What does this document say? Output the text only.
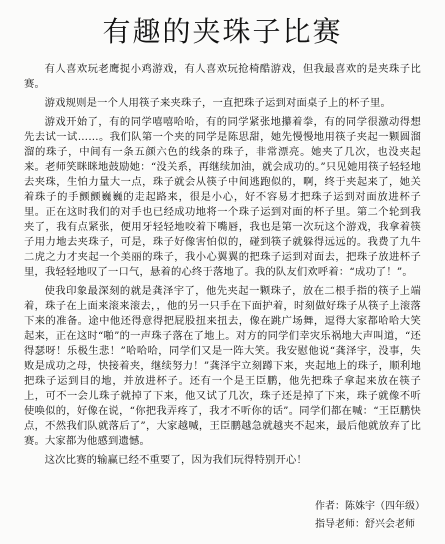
有趣的夹珠子比赛

有人喜欢玩老鹰捉小鸡游戏，有人喜欢玩抢椅酷游戏，但我最喜欢的是夹珠子比赛。

游戏规则是一个人用筷子来夹珠子，一直把珠子运到对面桌子上的杯子里。

游戏开始了，有的同学嘻嘻哈哈，有的同学紧张地攥着拳，有的同学很激动得想先去试一试……。我们队第一个夹的同学是陈思甜，她先慢慢地用筷子夹起一颗圆溜溜的珠子，中间有一条五颜六色的线条的珠子，非常漂亮。她夹了几次，也没夹起来。老师笑眯眯地鼓励她：“没关系，再继续加油，就会成功的。”只见她用筷子轻轻地去夹珠，生怕力量大一点，珠子就会从筷子中间逃跑似的，啊，终于夹起来了，她关着珠子的手颤颤巍巍的走起路来，很是小心，好不容易才把珠子运到对面放进杯子里。正在这时我们的对手也已经成功地将一个珠子运到对面的杯子里。第二个轮到我夹了，我有点紧张，便用牙轻轻地咬着下嘴唇，我也是第一次玩这个游戏，我拿着筷子用力地去夹珠子，可是，珠子好像害怕似的，碰到筷子就躲得远远的。我费了九牛二虎之力才夹起一个美丽的珠子，我小心翼翼的把珠子运到对面去，把珠子放进杯子里，我轻轻地叹了一口气，悬着的心终于落地了。我的队友们欢呼着：“成功了！”。

使我印象最深刻的就是龚泽宇了，他先夹起一颗珠子，放在二根手指的筷子上端着，珠子在上面来滚来滚去，，他的另一只手在下面护着，时刻做好珠子从筷子上滚落下来的准备。途中他还得意得把屁股扭来扭去，像在跳广场舞，逗得大家都哈哈大笑起来，正在这时“啪”的一声珠子落在了地上。对方的同学们幸灾乐祸地大声叫道，“还得瑟呀！乐极生悲！”哈哈哈，同学们又是一阵大笑。我安慰他说“龚泽宇，没事，失败是成功之母，快接着夹，继续努力！”龚泽宇立刻蹲下来，夹起地上的珠子，顺利地把珠子运到目的地，并放进杯子。还有一个是王臣鹏，他先把珠子拿起来放在筷子上，可不一会儿珠子就掉了下来，他又试了几次，珠子还是掉了下来，珠子就像不听使唤似的，好像在说，“你把我弄疼了，我才不听你的话”。同学们都在喊：“王臣鹏快点，不然我们队就落后了”，大家越喊，王臣鹏越急就越夹不起来，最后他就放弃了比赛。大家都为他感到遗憾。

这次比赛的输赢已经不重要了，因为我们玩得特别开心！

作者：陈姝宇（四年级）
指导老师：舒兴会老师
